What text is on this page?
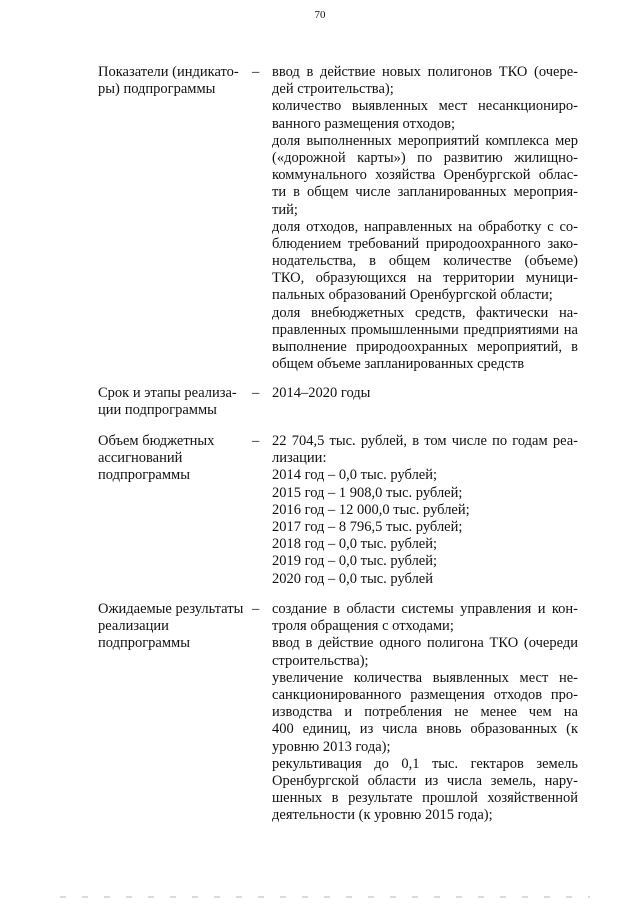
70
Показатели (индикато-
ры) подпрограммы
– ввод в действие новых полигонов ТКО (очере-
дей строительства);
количество выявленных мест несанкциониро-
ванного размещения отходов;
доля выполненных мероприятий комплекса мер
(«дорожной карты») по развитию жилищно-
коммунального хозяйства Оренбургской облас-
ти в общем числе запланированных мероприя-
тий;
доля отходов, направленных на обработку с со-
блюдением требований природоохранного зако-
нодательства, в общем количестве (объеме)
ТКО, образующихся на территории муници-
пальных образований Оренбургской области;
доля внебюджетных средств, фактически на-
правленных промышленными предприятиями на
выполнение природоохранных мероприятий, в
общем объеме запланированных средств
Срок и этапы реализа-
ции подпрограммы
– 2014–2020 годы
Объем бюджетных
ассигнований
подпрограммы
– 22 704,5 тыс. рублей, в том числе по годам реа-
лизации:
2014 год – 0,0 тыс. рублей;
2015 год – 1 908,0 тыс. рублей;
2016 год – 12 000,0 тыс. рублей;
2017 год – 8 796,5 тыс. рублей;
2018 год – 0,0 тыс. рублей;
2019 год – 0,0 тыс. рублей;
2020 год – 0,0 тыс. рублей
Ожидаемые результаты
реализации
подпрограммы
– создание в области системы управления и кон-
троля обращения с отходами;
ввод в действие одного полигона ТКО (очереди
строительства);
увеличение количества выявленных мест не-
санкционированного размещения отходов про-
изводства и потребления не менее чем на
400 единиц, из числа вновь образованных (к
уровню 2013 года);
рекультивация до 0,1 тыс. гектаров земель
Оренбургской области из числа земель, нару-
шенных в результате прошлой хозяйственной
деятельности (к уровню 2015 года);
